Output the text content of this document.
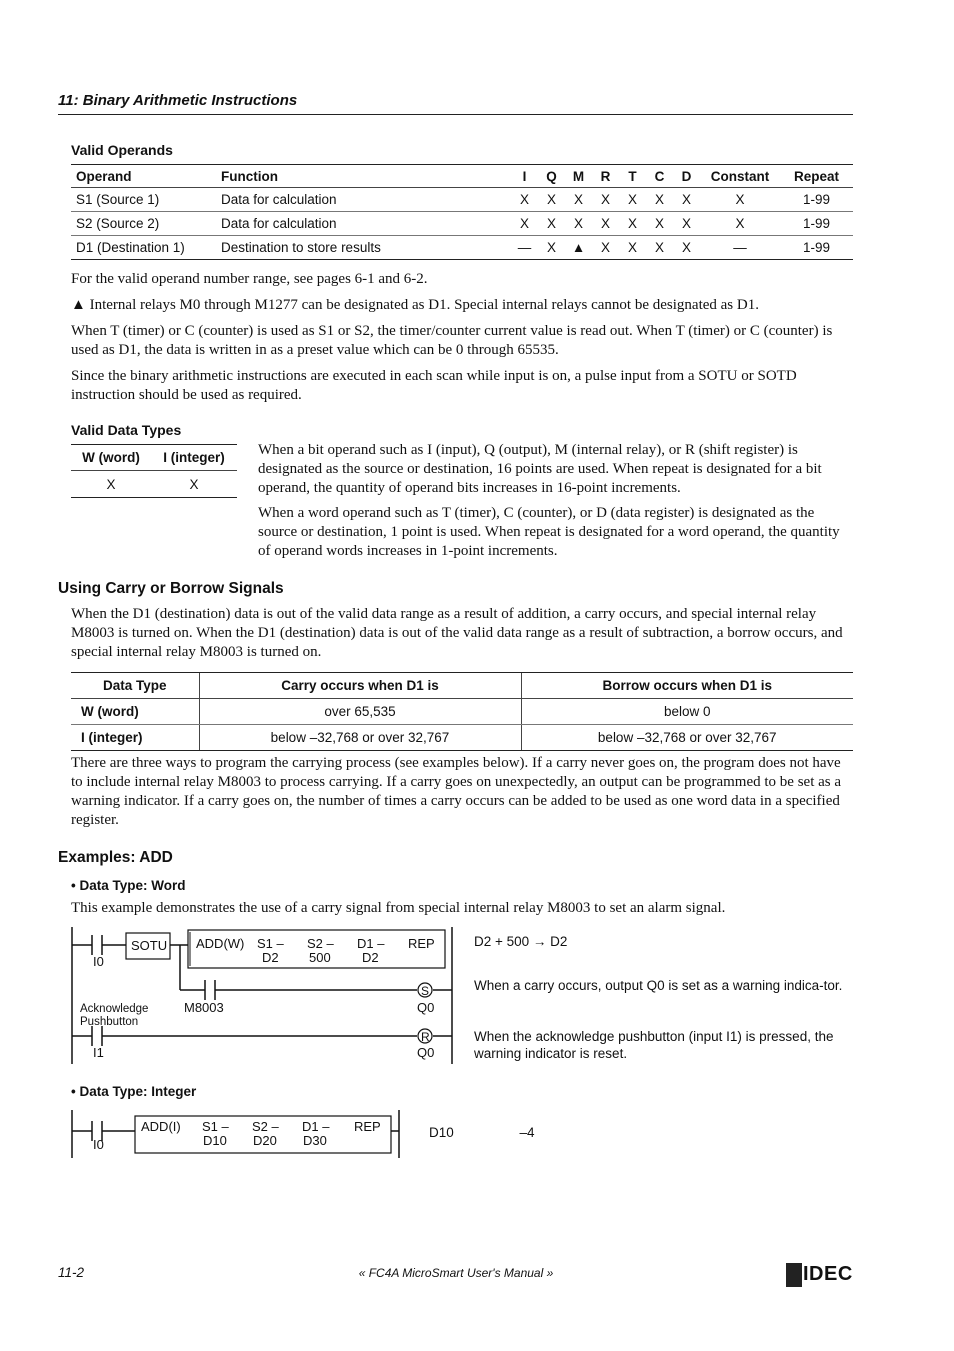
11: Binary Arithmetic Instructions
Valid Operands
Operand	Function	I	Q	M	R	T	C	D	Constant	Repeat
S1 (Source 1)	Data for calculation	X	X	X	X	X	X	X	X	1-99
S2 (Source 2)	Data for calculation	X	X	X	X	X	X	X	X	1-99
D1 (Destination 1)	Destination to store results	—	X	▲	X	X	X	X	—	1-99
For the valid operand number range, see pages 6-1 and 6-2.
▲ Internal relays M0 through M1277 can be designated as D1. Special internal relays cannot be designated as D1.
When T (timer) or C (counter) is used as S1 or S2, the timer/counter current value is read out. When T (timer) or C (counter) is used as D1, the data is written in as a preset value which can be 0 through 65535.
Since the binary arithmetic instructions are executed in each scan while input is on, a pulse input from a SOTU or SOTD instruction should be used as required.
Valid Data Types
W (word)	I (integer)
X	X
When a bit operand such as I (input), Q (output), M (internal relay), or R (shift register) is designated as the source or destination, 16 points are used. When repeat is designated for a bit operand, the quantity of operand bits increases in 16-point increments.
When a word operand such as T (timer), C (counter), or D (data register) is designated as the source or destination, 1 point is used. When repeat is designated for a word operand, the quantity of operand words increases in 1-point increments.
Using Carry or Borrow Signals
When the D1 (destination) data is out of the valid data range as a result of addition, a carry occurs, and special internal relay M8003 is turned on. When the D1 (destination) data is out of the valid data range as a result of subtraction, a borrow occurs, and special internal relay M8003 is turned on.
Data Type	Carry occurs when D1 is	Borrow occurs when D1 is
W (word)	over 65,535	below 0
I (integer)	below –32,768 or over 32,767	below –32,768 or over 32,767
There are three ways to program the carrying process (see examples below). If a carry never goes on, the program does not have to include internal relay M8003 to process carrying. If a carry goes on unexpectedly, an output can be programmed to be set as a warning indicator. If a carry goes on, the number of times a carry occurs can be added to be used as one word data in a specified register.
Examples: ADD
• Data Type: Word
This example demonstrates the use of a carry signal from special internal relay M8003 to set an alarm signal.
I0
SOTU ADD(W) S1 –
D2
S2 –
500
D1 –
D2
REP
M8003
S
Q0
Acknowledge
Pushbutton
I1
R
Q0
D2 + 500 → D2
When a carry occurs, output Q0 is set as a warning indica-tor.
When the acknowledge pushbutton (input I1) is pressed, the warning indicator is reset.
• Data Type: Integer
I0
ADD(I) S1 –
D10
S2 –
D20
D1 –
D30
REP	D10	–4
11-2	« FC4A MicroSmart User's Manual »	IDEC
